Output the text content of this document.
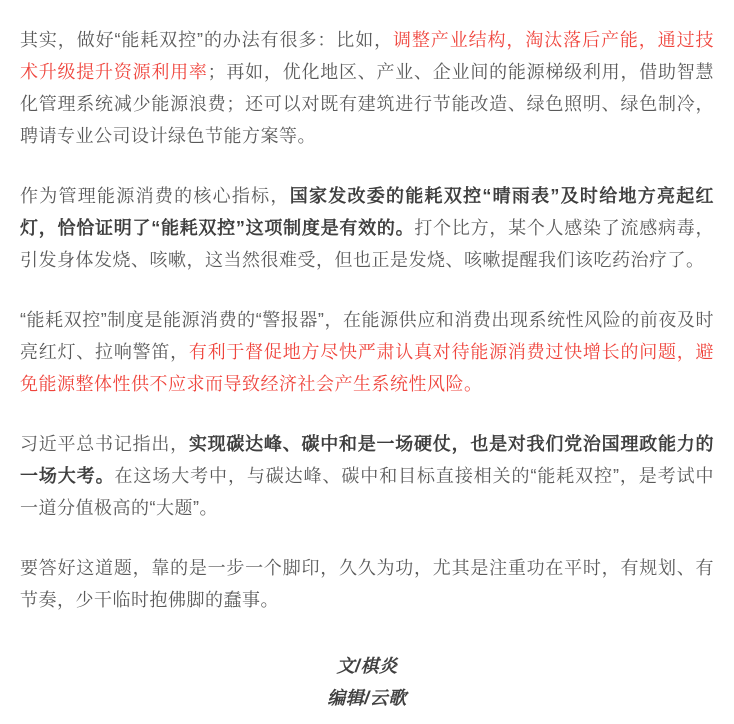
其实，做好“能耗双控”的办法有很多：比如，调整产业结构，淘汰落后产能，通过技术升级提升资源利用率；再如，优化地区、产业、企业间的能源梯级利用，借助智慧化管理系统减少能源浪费；还可以对既有建筑进行节能改造、绿色照明、绿色制冷，聘请专业公司设计绿色节能方案等。

作为管理能源消费的核心指标，国家发改委的能耗双控“晴雨表”及时给地方亮起红灯，恰恰证明了“能耗双控”这项制度是有效的。打个比方，某个人感染了流感病毒，引发身体发烧、咳嗽，这当然很难受，但也正是发烧、咳嗽提醒我们该吃药治疗了。

“能耗双控”制度是能源消费的“警报器”，在能源供应和消费出现系统性风险的前夜及时亮红灯、拉响警笛，有利于督促地方尽快严肃认真对待能源消费过快增长的问题，避免能源整体性供不应求而导致经济社会产生系统性风险。

习近平总书记指出，实现碳达峰、碳中和是一场硬仗，也是对我们党治国理政能力的一场大考。在这场大考中，与碳达峰、碳中和目标直接相关的“能耗双控”，是考试中一道分值极高的“大题”。

要答好这道题，靠的是一步一个脚印，久久为功，尤其是注重功在平时，有规划、有节奏，少干临时抱佛脚的蠢事。

文/棋炎

编辑/云歌
